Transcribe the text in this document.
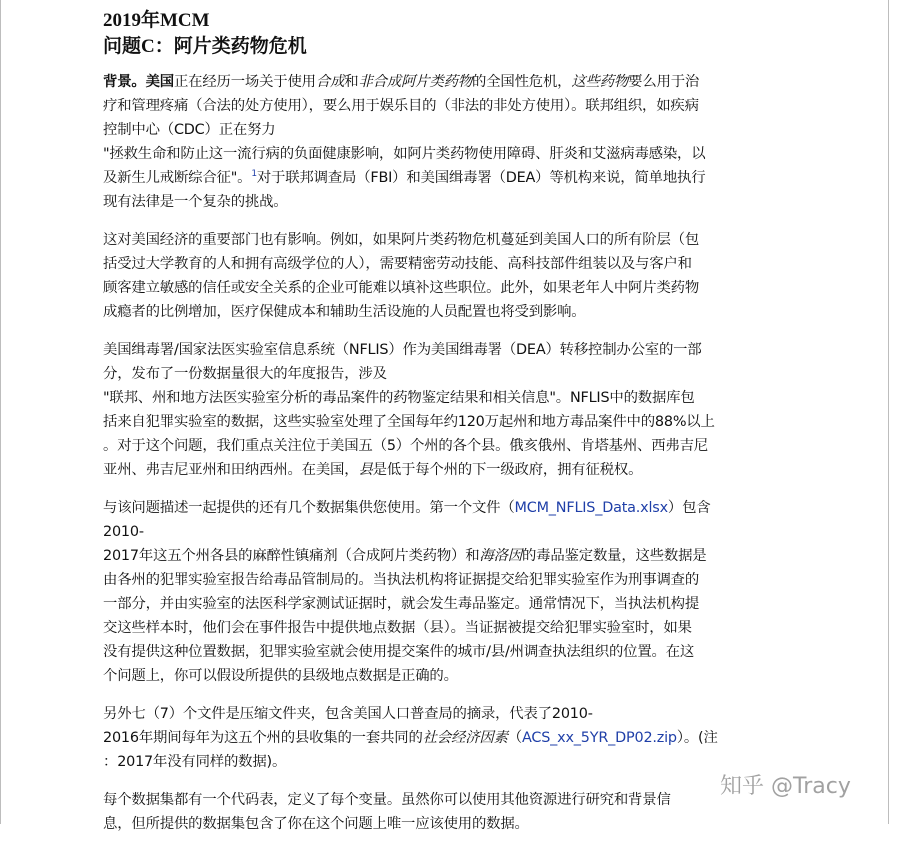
2019年MCM
问题C：阿片类药物危机

背景。美国正在经历一场关于使用合成和非合成阿片类药物的全国性危机，这些药物要么用于治
疗和管理疼痛（合法的处方使用），要么用于娱乐目的（非法的非处方使用）。联邦组织，如疾病
控制中心（CDC）正在努力
"拯救生命和防止这一流行病的负面健康影响，如阿片类药物使用障碍、肝炎和艾滋病毒感染，以
及新生儿戒断综合征"。$^1$对于联邦调查局（FBI）和美国缉毒署（DEA）等机构来说，简单地执行
现有法律是一个复杂的挑战。

这对美国经济的重要部门也有影响。例如，如果阿片类药物危机蔓延到美国人口的所有阶层（包
括受过大学教育的人和拥有高级学位的人），需要精密劳动技能、高科技部件组装以及与客户和
顾客建立敏感的信任或安全关系的企业可能难以填补这些职位。此外，如果老年人中阿片类药物
成瘾者的比例增加，医疗保健成本和辅助生活设施的人员配置也将受到影响。

美国缉毒署/国家法医实验室信息系统（NFLIS）作为美国缉毒署（DEA）转移控制办公室的一部
分，发布了一份数据量很大的年度报告，涉及
"联邦、州和地方法医实验室分析的毒品案件的药物鉴定结果和相关信息"。NFLIS中的数据库包
括来自犯罪实验室的数据，这些实验室处理了全国每年约120万起州和地方毒品案件中的88%以上
。对于这个问题，我们重点关注位于美国五（5）个州的各个县。俄亥俄州、肯塔基州、西弗吉尼
亚州、弗吉尼亚州和田纳西州。在美国，县是低于每个州的下一级政府，拥有征税权。

与该问题描述一起提供的还有几个数据集供您使用。第一个文件（MCM_NFLIS_Data.xlsx）包含
2010-
2017年这五个州各县的麻醉性镇痛剂（合成阿片类药物）和海洛因的毒品鉴定数量，这些数据是
由各州的犯罪实验室报告给毒品管制局的。当执法机构将证据提交给犯罪实验室作为刑事调查的
一部分，并由实验室的法医科学家测试证据时，就会发生毒品鉴定。通常情况下，当执法机构提
交这些样本时，他们会在事件报告中提供地点数据（县）。当证据被提交给犯罪实验室时，如果
没有提供这种位置数据，犯罪实验室就会使用提交案件的城市/县/州调查执法组织的位置。在这
个问题上，你可以假设所提供的县级地点数据是正确的。

另外七（7）个文件是压缩文件夹，包含美国人口普查局的摘录，代表了2010-
2016年期间每年为这五个州的县收集的一套共同的社会经济因素（ACS_xx_5YR_DP02.zip）。(注
：2017年没有同样的数据)。

每个数据集都有一个代码表，定义了每个变量。虽然你可以使用其他资源进行研究和背景信
息，但所提供的数据集包含了你在这个问题上唯一应该使用的数据。

知乎 @Tracy
